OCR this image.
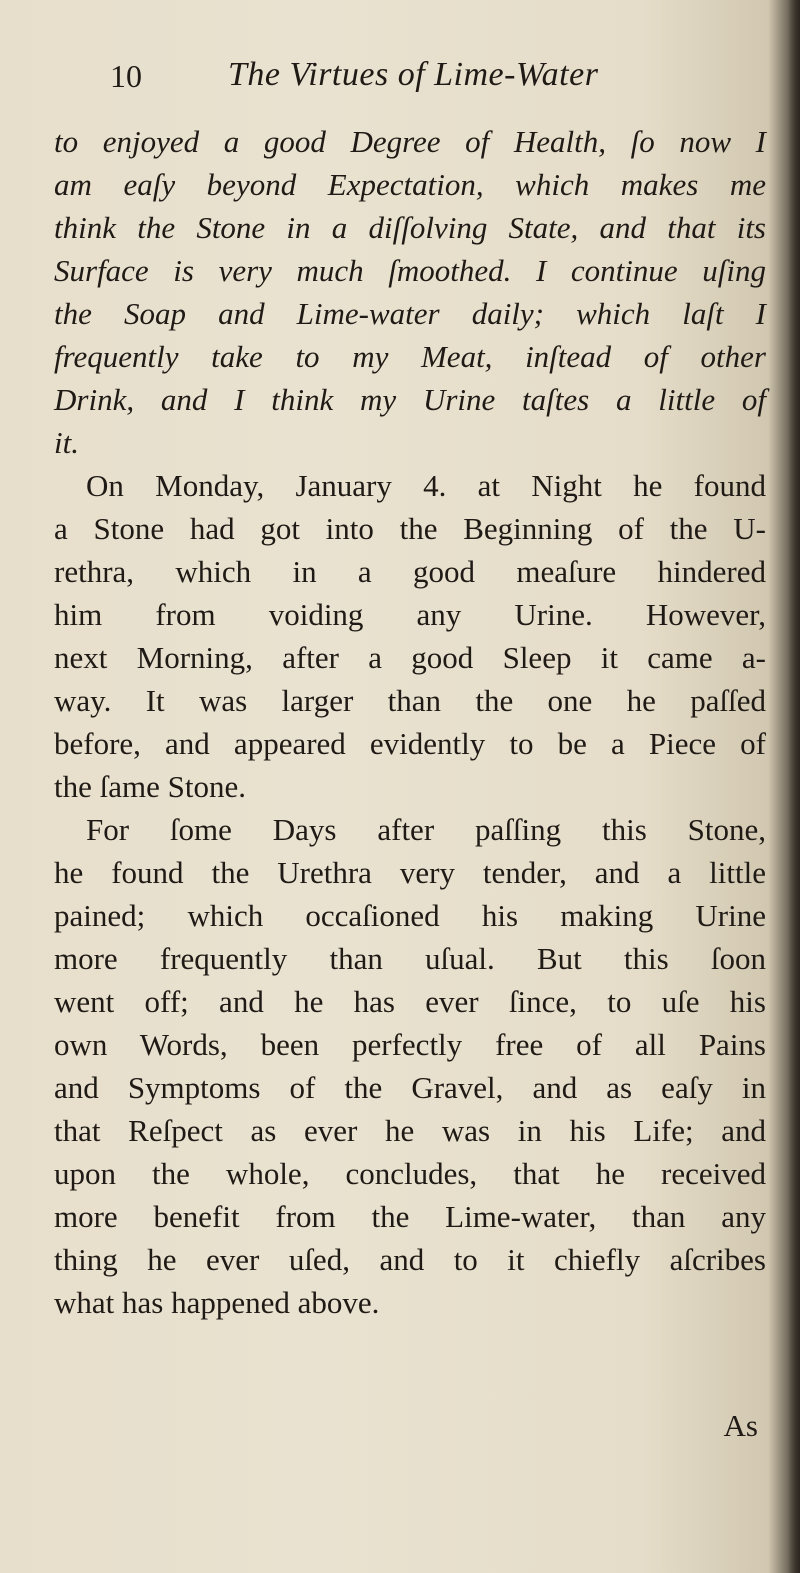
10	The Virtues of Lime-Water
to enjoyed a good Degree of Health, ſo now I
am eaſy beyond Expectation, which makes me
think the Stone in a diſſolving State, and that its
Surface is very much ſmoothed. I continue uſing
the Soap and Lime-water daily; which laſt I
frequently take to my Meat, inſtead of other
Drink, and I think my Urine taſtes a little of
it.
On Monday, January 4. at Night he found
a Stone had got into the Beginning of the U-
rethra, which in a good meaſure hindered
him from voiding any Urine. However,
next Morning, after a good Sleep it came a-
way. It was larger than the one he paſſed
before, and appeared evidently to be a Piece of
the ſame Stone.
For ſome Days after paſſing this Stone,
he found the Urethra very tender, and a little
pained; which occaſioned his making Urine
more frequently than uſual. But this ſoon
went off; and he has ever ſince, to uſe his
own Words, been perfectly free of all Pains
and Symptoms of the Gravel, and as eaſy in
that Reſpect as ever he was in his Life; and
upon the whole, concludes, that he received
more benefit from the Lime-water, than any
thing he ever uſed, and to it chiefly aſcribes
what has happened above.
As
